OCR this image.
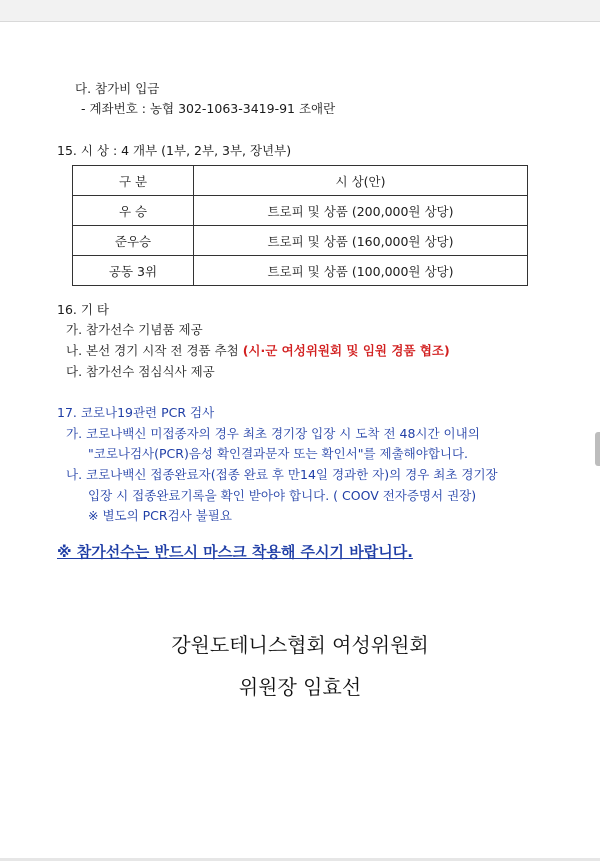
다. 참가비 입금
- 계좌번호 : 농협 302-1063-3419-91 조애란
15. 시 상 : 4 개부 (1부, 2부, 3부, 장년부)
구 분	시 상(안)
우 승	트로피 및 상품 (200,000원 상당)
준우승	트로피 및 상품 (160,000원 상당)
공동 3위	트로피 및 상품 (100,000원 상당)
16. 기 타
가. 참가선수 기념품 제공
나. 본선 경기 시작 전 경품 추첨 (시·군 여성위원회 및 임원 경품 협조)
다. 참가선수 점심식사 제공
17. 코로나19관련 PCR 검사
가. 코로나백신 미접종자의 경우 최초 경기장 입장 시 도착 전 48시간 이내의
"코로나검사(PCR)음성 확인결과문자 또는 확인서"를 제출해야합니다.
나. 코로나백신 접종완료자(접종 완료 후 만14일 경과한 자)의 경우 최초 경기장
입장 시 접종완료기록을 확인 받아야 합니다. ( COOV 전자증명서 권장)
※ 별도의 PCR검사 불필요
※ 참가선수는 반드시 마스크 착용해 주시기 바랍니다.
강원도테니스협회 여성위원회
위원장 임효선
